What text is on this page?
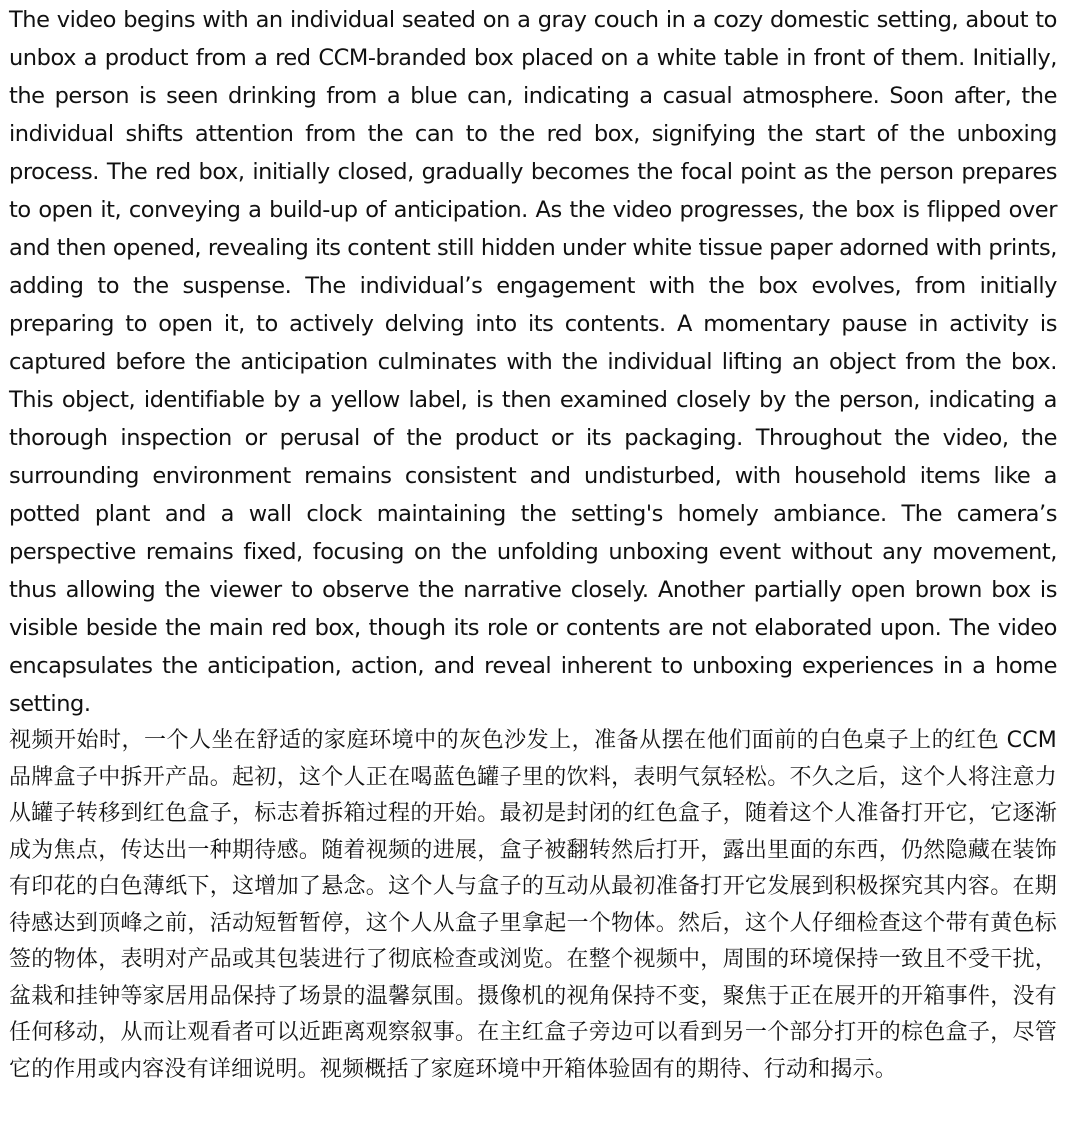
The video begins with an individual seated on a gray couch in a cozy domestic setting, about to unbox a product from a red CCM-branded box placed on a white table in front of them. Initially, the person is seen drinking from a blue can, indicating a casual atmosphere. Soon after, the individual shifts attention from the can to the red box, signifying the start of the unboxing process. The red box, initially closed, gradually becomes the focal point as the person prepares to open it, conveying a build-up of anticipation. As the video progresses, the box is flipped over and then opened, revealing its content still hidden under white tissue paper adorned with prints, adding to the suspense. The individual’s engagement with the box evolves, from initially preparing to open it, to actively delving into its contents. A momentary pause in activity is captured before the anticipation culminates with the individual lifting an object from the box. This object, identifiable by a yellow label, is then examined closely by the person, indicating a thorough inspection or perusal of the product or its packaging. Throughout the video, the surrounding environment remains consistent and undisturbed, with household items like a potted plant and a wall clock maintaining the setting's homely ambiance. The camera’s perspective remains fixed, focusing on the unfolding unboxing event without any movement, thus allowing the viewer to observe the narrative closely. Another partially open brown box is visible beside the main red box, though its role or contents are not elaborated upon. The video encapsulates the anticipation, action, and reveal inherent to unboxing experiences in a home setting.

视频开始时，一个人坐在舒适的家庭环境中的灰色沙发上，准备从摆在他们面前的白色桌子上的红色 CCM 品牌盒子中拆开产品。起初，这个人正在喝蓝色罐子里的饮料，表明气氛轻松。不久之后，这个人将注意力从罐子转移到红色盒子，标志着拆箱过程的开始。最初是封闭的红色盒子，随着这个人准备打开它，它逐渐成为焦点，传达出一种期待感。随着视频的进展，盒子被翻转然后打开，露出里面的东西，仍然隐藏在装饰有印花的白色薄纸下，这增加了悬念。这个人与盒子的互动从最初准备打开它发展到积极探究其内容。在期待感达到顶峰之前，活动短暂暂停，这个人从盒子里拿起一个物体。然后，这个人仔细检查这个带有黄色标签的物体，表明对产品或其包装进行了彻底检查或浏览。在整个视频中，周围的环境保持一致且不受干扰，盆栽和挂钟等家居用品保持了场景的温馨氛围。摄像机的视角保持不变，聚焦于正在展开的开箱事件，没有任何移动，从而让观看者可以近距离观察叙事。在主红盒子旁边可以看到另一个部分打开的棕色盒子，尽管它的作用或内容没有详细说明。视频概括了家庭环境中开箱体验固有的期待、行动和揭示。
